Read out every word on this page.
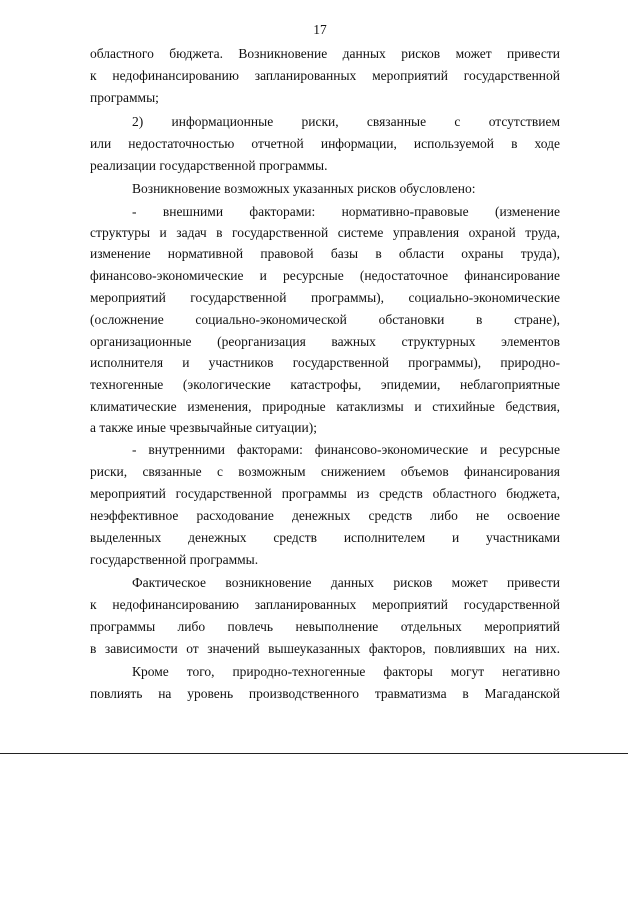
17
областного бюджета. Возникновение данных рисков может привести
к недофинансированию запланированных мероприятий государственной
программы;
2) информационные риски, связанные с отсутствием
или недостаточностью отчетной информации, используемой в ходе
реализации государственной программы.
Возникновение возможных указанных рисков обусловлено:
- внешними факторами: нормативно-правовые (изменение
структуры и задач в государственной системе управления охраной труда,
изменение нормативной правовой базы в области охраны труда),
финансово-экономические и ресурсные (недостаточное финансирование
мероприятий государственной программы), социально-экономические
(осложнение социально-экономической обстановки в стране),
организационные (реорганизация важных структурных элементов
исполнителя и участников государственной программы), природно-
техногенные (экологические катастрофы, эпидемии, неблагоприятные
климатические изменения, природные катаклизмы и стихийные бедствия,
а также иные чрезвычайные ситуации);
- внутренними факторами: финансово-экономические и ресурсные
риски, связанные с возможным снижением объемов финансирования
мероприятий государственной программы из средств областного бюджета,
неэффективное расходование денежных средств либо не освоение
выделенных денежных средств исполнителем и участниками
государственной программы.
Фактическое возникновение данных рисков может привести
к недофинансированию запланированных мероприятий государственной
программы либо повлечь невыполнение отдельных мероприятий
в зависимости от значений вышеуказанных факторов, повлиявших на них.
Кроме того, природно-техногенные факторы могут негативно
повлиять на уровень производственного травматизма в Магаданской
